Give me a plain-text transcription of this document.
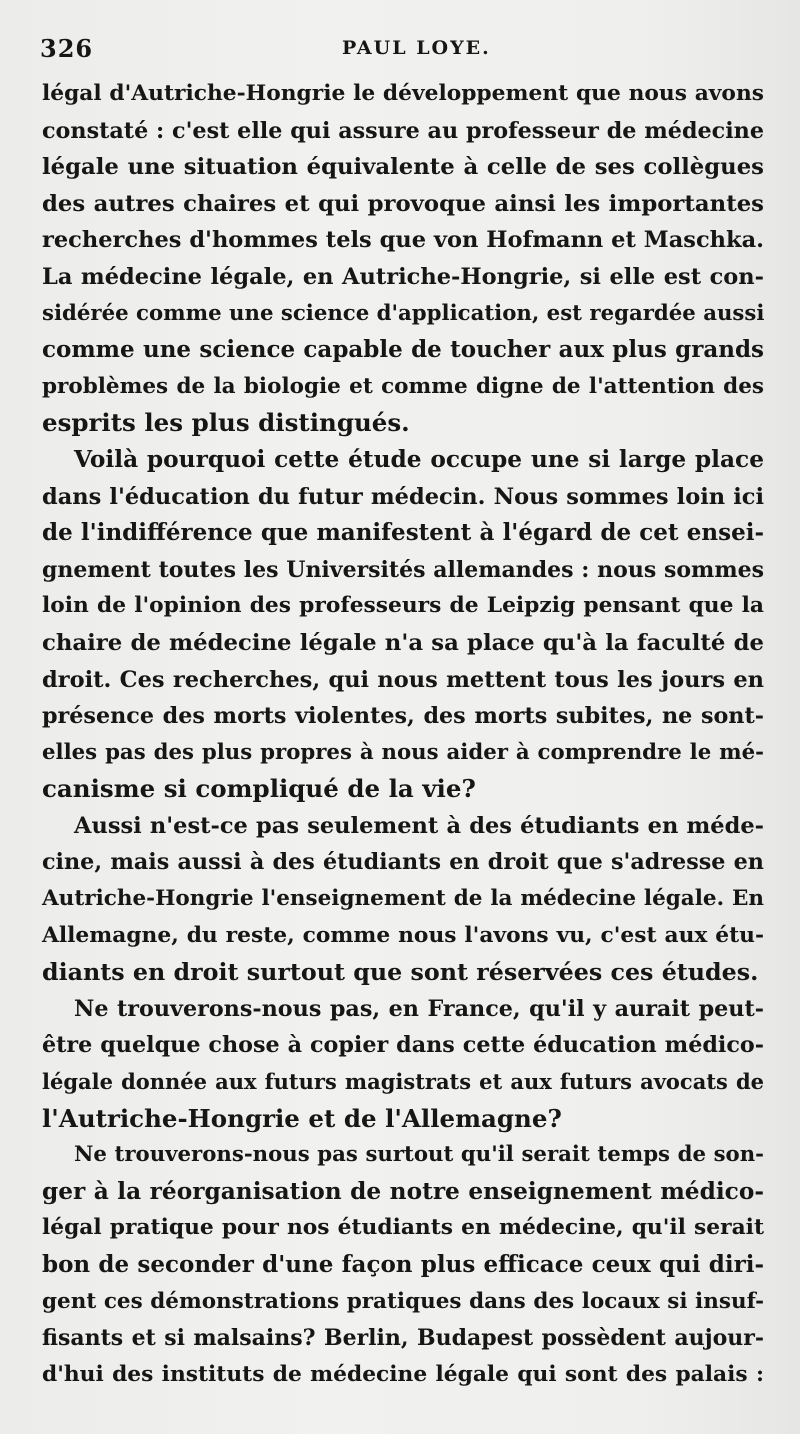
326	PAUL LOYE.
légal d'Autriche-Hongrie le développement que nous avons
constaté : c'est elle qui assure au professeur de médecine
légale une situation équivalente à celle de ses collègues
des autres chaires et qui provoque ainsi les importantes
recherches d'hommes tels que von Hofmann et Maschka.
La médecine légale, en Autriche-Hongrie, si elle est con-
sidérée comme une science d'application, est regardée aussi
comme une science capable de toucher aux plus grands
problèmes de la biologie et comme digne de l'attention des
esprits les plus distingués.
Voilà pourquoi cette étude occupe une si large place
dans l'éducation du futur médecin. Nous sommes loin ici
de l'indifférence que manifestent à l'égard de cet ensei-
gnement toutes les Universités allemandes : nous sommes
loin de l'opinion des professeurs de Leipzig pensant que la
chaire de médecine légale n'a sa place qu'à la faculté de
droit. Ces recherches, qui nous mettent tous les jours en
présence des morts violentes, des morts subites, ne sont-
elles pas des plus propres à nous aider à comprendre le mé-
canisme si compliqué de la vie?
Aussi n'est-ce pas seulement à des étudiants en méde-
cine, mais aussi à des étudiants en droit que s'adresse en
Autriche-Hongrie l'enseignement de la médecine légale. En
Allemagne, du reste, comme nous l'avons vu, c'est aux étu-
diants en droit surtout que sont réservées ces études.
Ne trouverons-nous pas, en France, qu'il y aurait peut-
être quelque chose à copier dans cette éducation médico-
légale donnée aux futurs magistrats et aux futurs avocats de
l'Autriche-Hongrie et de l'Allemagne?
Ne trouverons-nous pas surtout qu'il serait temps de son-
ger à la réorganisation de notre enseignement médico-
légal pratique pour nos étudiants en médecine, qu'il serait
bon de seconder d'une façon plus efficace ceux qui diri-
gent ces démonstrations pratiques dans des locaux si insuf-
fisants et si malsains? Berlin, Budapest possèdent aujour-
d'hui des instituts de médecine légale qui sont des palais :
